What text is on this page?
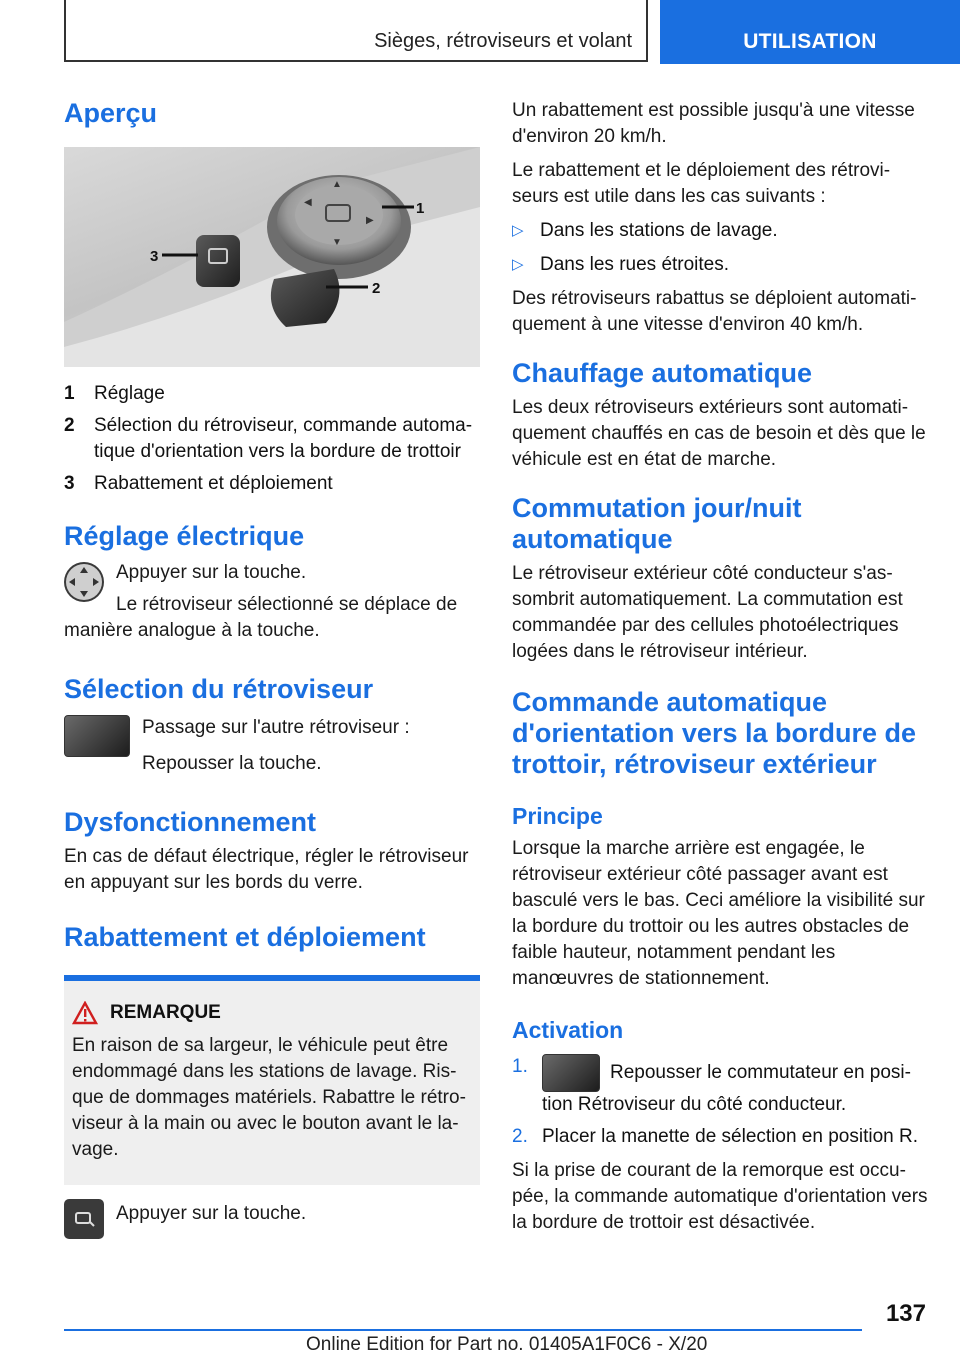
Sièges, rétroviseurs et volant	UTILISATION
Aperçu
◀
▶
▲
▼
1
2
3
1	Réglage
2	Sélection du rétroviseur, commande automatique d'orientation vers la bordure de trottoir
3	Rabattement et déploiement
Réglage électrique

Appuyer sur la touche.

Le rétroviseur sélectionné se déplace de manière analogue à la touche.

Sélection du rétroviseur

Passage sur l'autre rétroviseur :

Repousser la touche.

Dysfonctionnement

En cas de défaut électrique, régler le rétroviseur en appuyant sur les bords du verre.

Rabattement et déploiement
REMARQUE

En raison de sa largeur, le véhicule peut être endommagé dans les stations de lavage. Risque de dommages matériels. Rabattre le rétroviseur à la main ou avec le bouton avant le lavage.

Appuyer sur la touche.

Un rabattement est possible jusqu'à une vitesse d'environ 20 km/h.

Le rabattement et le déploiement des rétroviseurs est utile dans les cas suivants :

▷ Dans les stations de lavage.
▷ Dans les rues étroites.

Des rétroviseurs rabattus se déploient automatiquement à une vitesse d'environ 40 km/h.

Chauffage automatique

Les deux rétroviseurs extérieurs sont automatiquement chauffés en cas de besoin et dès que le véhicule est en état de marche.

Commutation jour/nuit automatique

Le rétroviseur extérieur côté conducteur s'assombrit automatiquement. La commutation est commandée par des cellules photoélectriques logées dans le rétroviseur intérieur.

Commande automatique d'orientation vers la bordure de trottoir, rétroviseur extérieur
Principe

Lorsque la marche arrière est engagée, le rétroviseur extérieur côté passager avant est basculé vers le bas. Ceci améliore la visibilité sur la bordure du trottoir ou les autres obstacles de faible hauteur, notamment pendant les manœuvres de stationnement.

Activation
1.	Repousser le commutateur en position Rétroviseur du côté conducteur.
2. Placer la manette de sélection en position R.

Si la prise de courant de la remorque est occupée, la commande automatique d'orientation vers la bordure de trottoir est désactivée.

137
Online Edition for Part no. 01405A1F0C6 - X/20
